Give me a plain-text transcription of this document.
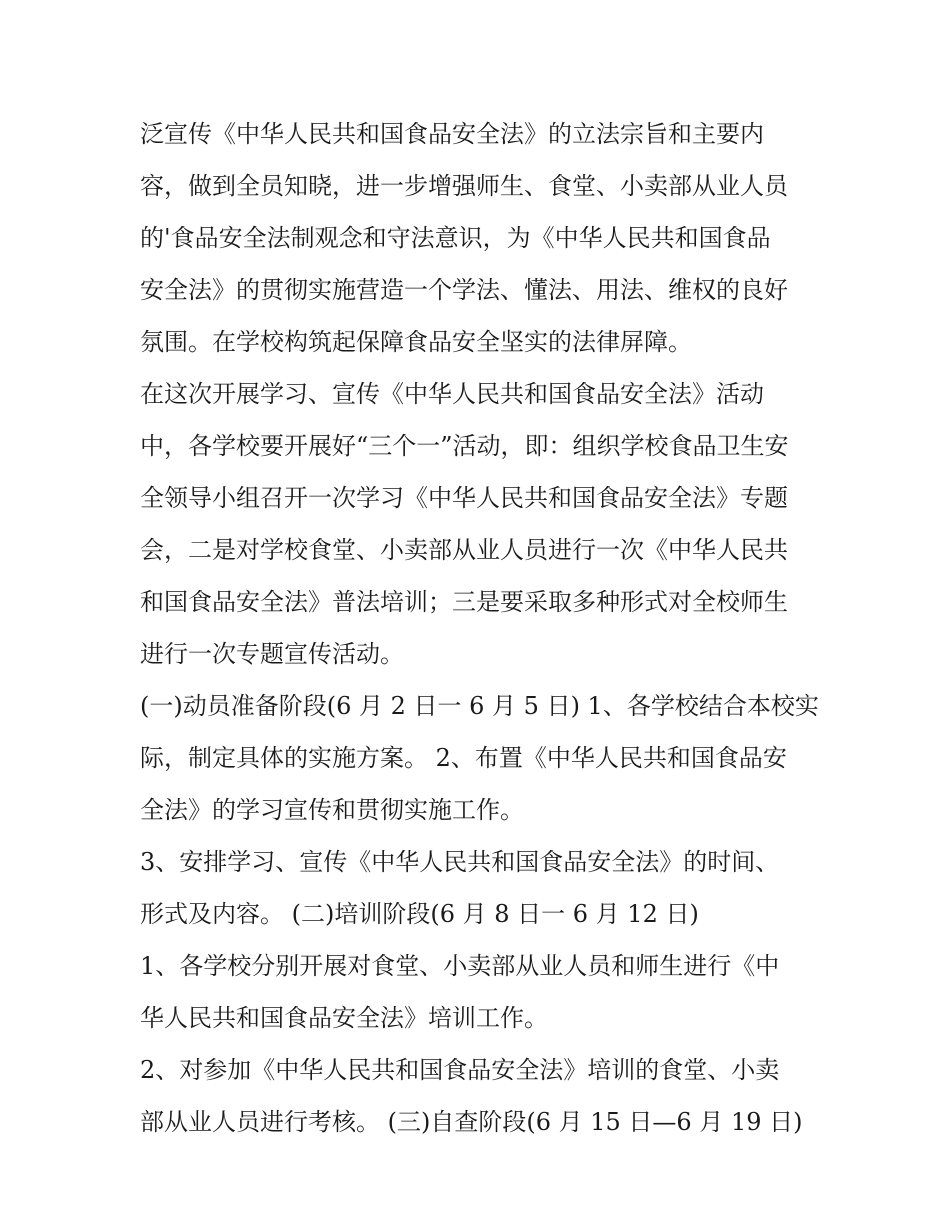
泛宣传《中华人民共和国食品安全法》的立法宗旨和主要内
容，做到全员知晓，进一步增强师生、食堂、小卖部从业人员
的'食品安全法制观念和守法意识，为《中华人民共和国食品
安全法》的贯彻实施营造一个学法、懂法、用法、维权的良好
氛围。在学校构筑起保障食品安全坚实的法律屏障。
在这次开展学习、宣传《中华人民共和国食品安全法》活动
中，各学校要开展好“三个一”活动，即：组织学校食品卫生安
全领导小组召开一次学习《中华人民共和国食品安全法》专题
会，二是对学校食堂、小卖部从业人员进行一次《中华人民共
和国食品安全法》普法培训；三是要采取多种形式对全校师生
进行一次专题宣传活动。
(一)动员准备阶段(6 月 2 日一 6 月 5 日) 1、各学校结合本校实
际，制定具体的实施方案。 2、布置《中华人民共和国食品安
全法》的学习宣传和贯彻实施工作。
3、安排学习、宣传《中华人民共和国食品安全法》的时间、
形式及内容。 (二)培训阶段(6 月 8 日一 6 月 12 日)
1、各学校分别开展对食堂、小卖部从业人员和师生进行《中
华人民共和国食品安全法》培训工作。
2、对参加《中华人民共和国食品安全法》培训的食堂、小卖
部从业人员进行考核。 (三)自查阶段(6 月 15 日—6 月 19 日)
